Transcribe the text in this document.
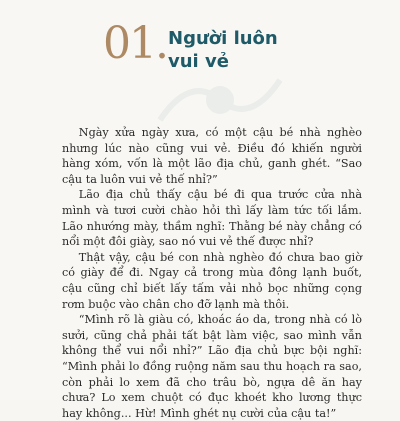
01. Người luôn
vui vẻ

Ngày xửa ngày xưa, có một cậu bé nhà nghèo nhưng lúc nào cũng vui vẻ. Điều đó khiến người hàng xóm, vốn là một lão địa chủ, ganh ghét. “Sao cậu ta luôn vui vẻ thế nhỉ?”

Lão địa chủ thấy cậu bé đi qua trước cửa nhà mình và tươi cười chào hỏi thì lấy làm tức tối lắm. Lão nhướng mày, thầm nghĩ: Thằng bé này chẳng có nổi một đôi giày, sao nó vui vẻ thế được nhỉ?

Thật vậy, cậu bé con nhà nghèo đó chưa bao giờ có giày để đi. Ngay cả trong mùa đông lạnh buốt, cậu cũng chỉ biết lấy tấm vải nhỏ bọc những cọng rơm buộc vào chân cho đỡ lạnh mà thôi.

“Mình rõ là giàu có, khoác áo da, trong nhà có lò sưởi, cũng chả phải tất bật làm việc, sao mình vẫn không thể vui nổi nhỉ?” Lão địa chủ bực bội nghĩ: “Mình phải lo đồng ruộng năm sau thu hoạch ra sao, còn phải lo xem đã cho trâu bò, ngựa dê ăn hay chưa? Lo xem chuột có đục khoét kho lương thực hay không... Hừ! Mình ghét nụ cười của cậu ta!”
